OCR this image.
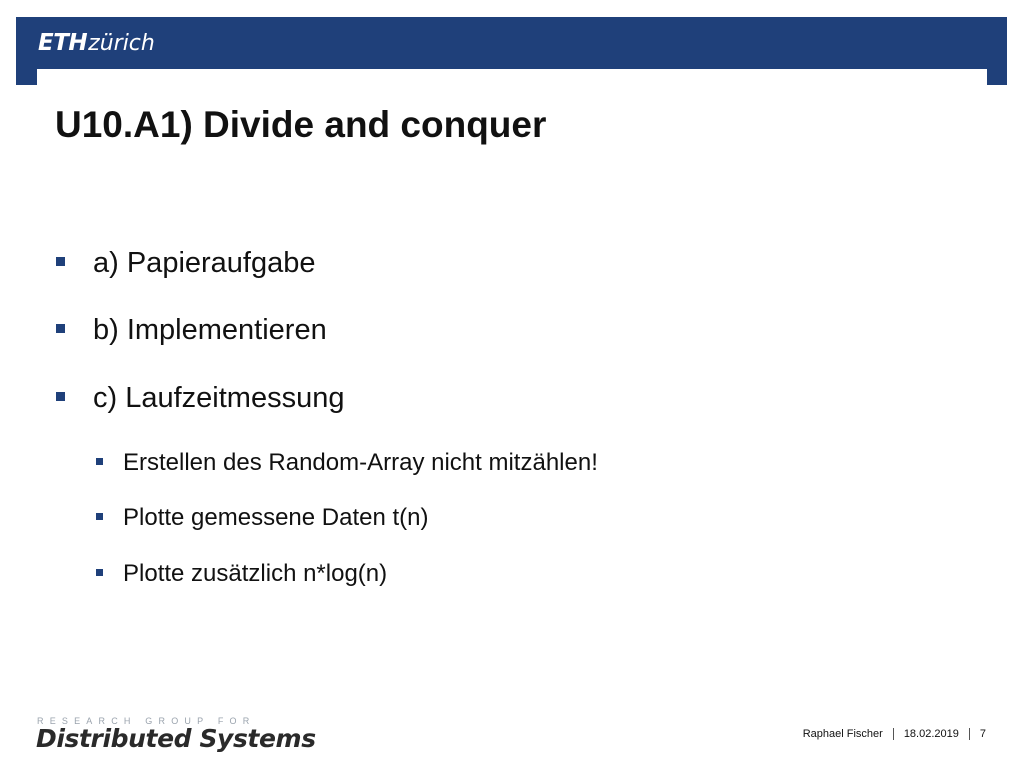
ETH zürich
U10.A1) Divide and conquer
a) Papieraufgabe
b) Implementieren
c) Laufzeitmessung
Erstellen des Random-Array nicht mitzählen!
Plotte gemessene Daten t(n)
Plotte zusätzlich n*log(n)
RESEARCH GROUP FOR
Distributed Systems	Raphael Fischer 18.02.2019 7
